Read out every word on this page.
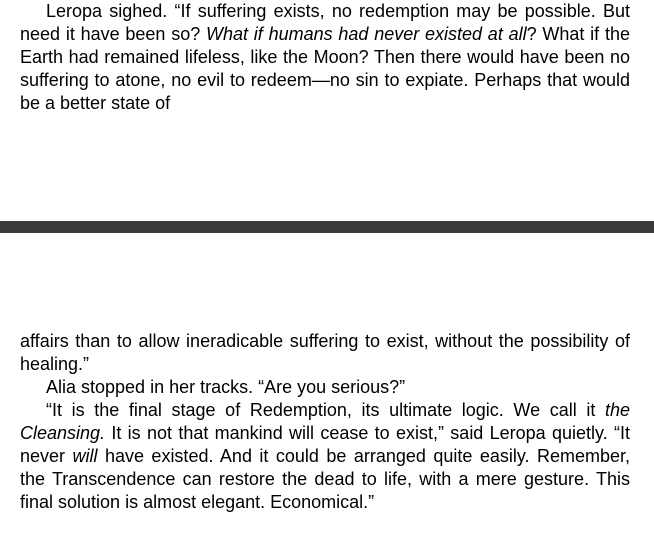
Leropa sighed. “If suffering exists, no redemption may be possible. But need it have been so? What if humans had never existed at all? What if the Earth had remained lifeless, like the Moon? Then there would have been no suffering to atone, no evil to redeem—no sin to expiate. Perhaps that would be a better state of

affairs than to allow ineradicable suffering to exist, without the possibility of healing.”

Alia stopped in her tracks. “Are you serious?”

“It is the final stage of Redemption, its ultimate logic. We call it the Cleansing. It is not that mankind will cease to exist,” said Leropa quietly. “It never will have existed. And it could be arranged quite easily. Remember, the Transcendence can restore the dead to life, with a mere gesture. This final solution is almost elegant. Economical.”
